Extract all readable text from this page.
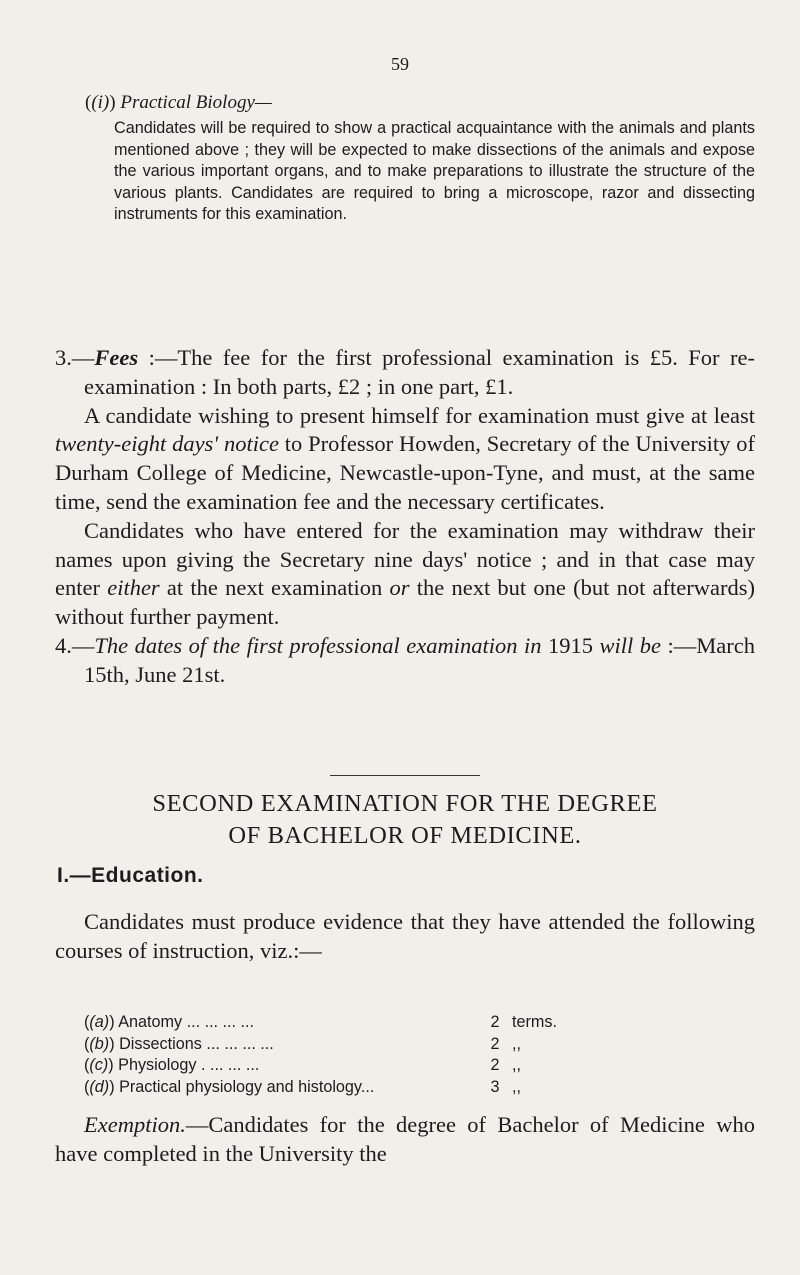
59

((i)) Practical Biology—

Candidates will be required to show a practical acquaintance with the animals and plants mentioned above ; they will be expected to make dissections of the animals and expose the various important organs, and to make preparations to illustrate the structure of the various plants. Candidates are required to bring a microscope, razor and dissecting instruments for this examination.

3.—Fees :—The fee for the first professional examination is £5. For re-examination : In both parts, £2 ; in one part, £1.

A candidate wishing to present himself for examination must give at least twenty-eight days' notice to Professor Howden, Secretary of the University of Durham College of Medicine, Newcastle-upon-Tyne, and must, at the same time, send the examination fee and the necessary certificates.

Candidates who have entered for the examination may withdraw their names upon giving the Secretary nine days' notice ; and in that case may enter either at the next examination or the next but one (but not afterwards) without further payment.

4.—The dates of the first professional examination in 1915 will be :—March 15th, June 21st.

SECOND EXAMINATION FOR THE DEGREE
OF BACHELOR OF MEDICINE.
I.—Education.

Candidates must produce evidence that they have attended the following courses of instruction, viz.:—

((a)) Anatomy ... ... ... ...	2 terms.
((b)) Dissections ... ... ... ...	2 ,,
((c)) Physiology . ... ... ...	2 ,,
((d)) Practical physiology and histology...	3 ,,

Exemption.—Candidates for the degree of Bachelor of Medicine who have completed in the University the
